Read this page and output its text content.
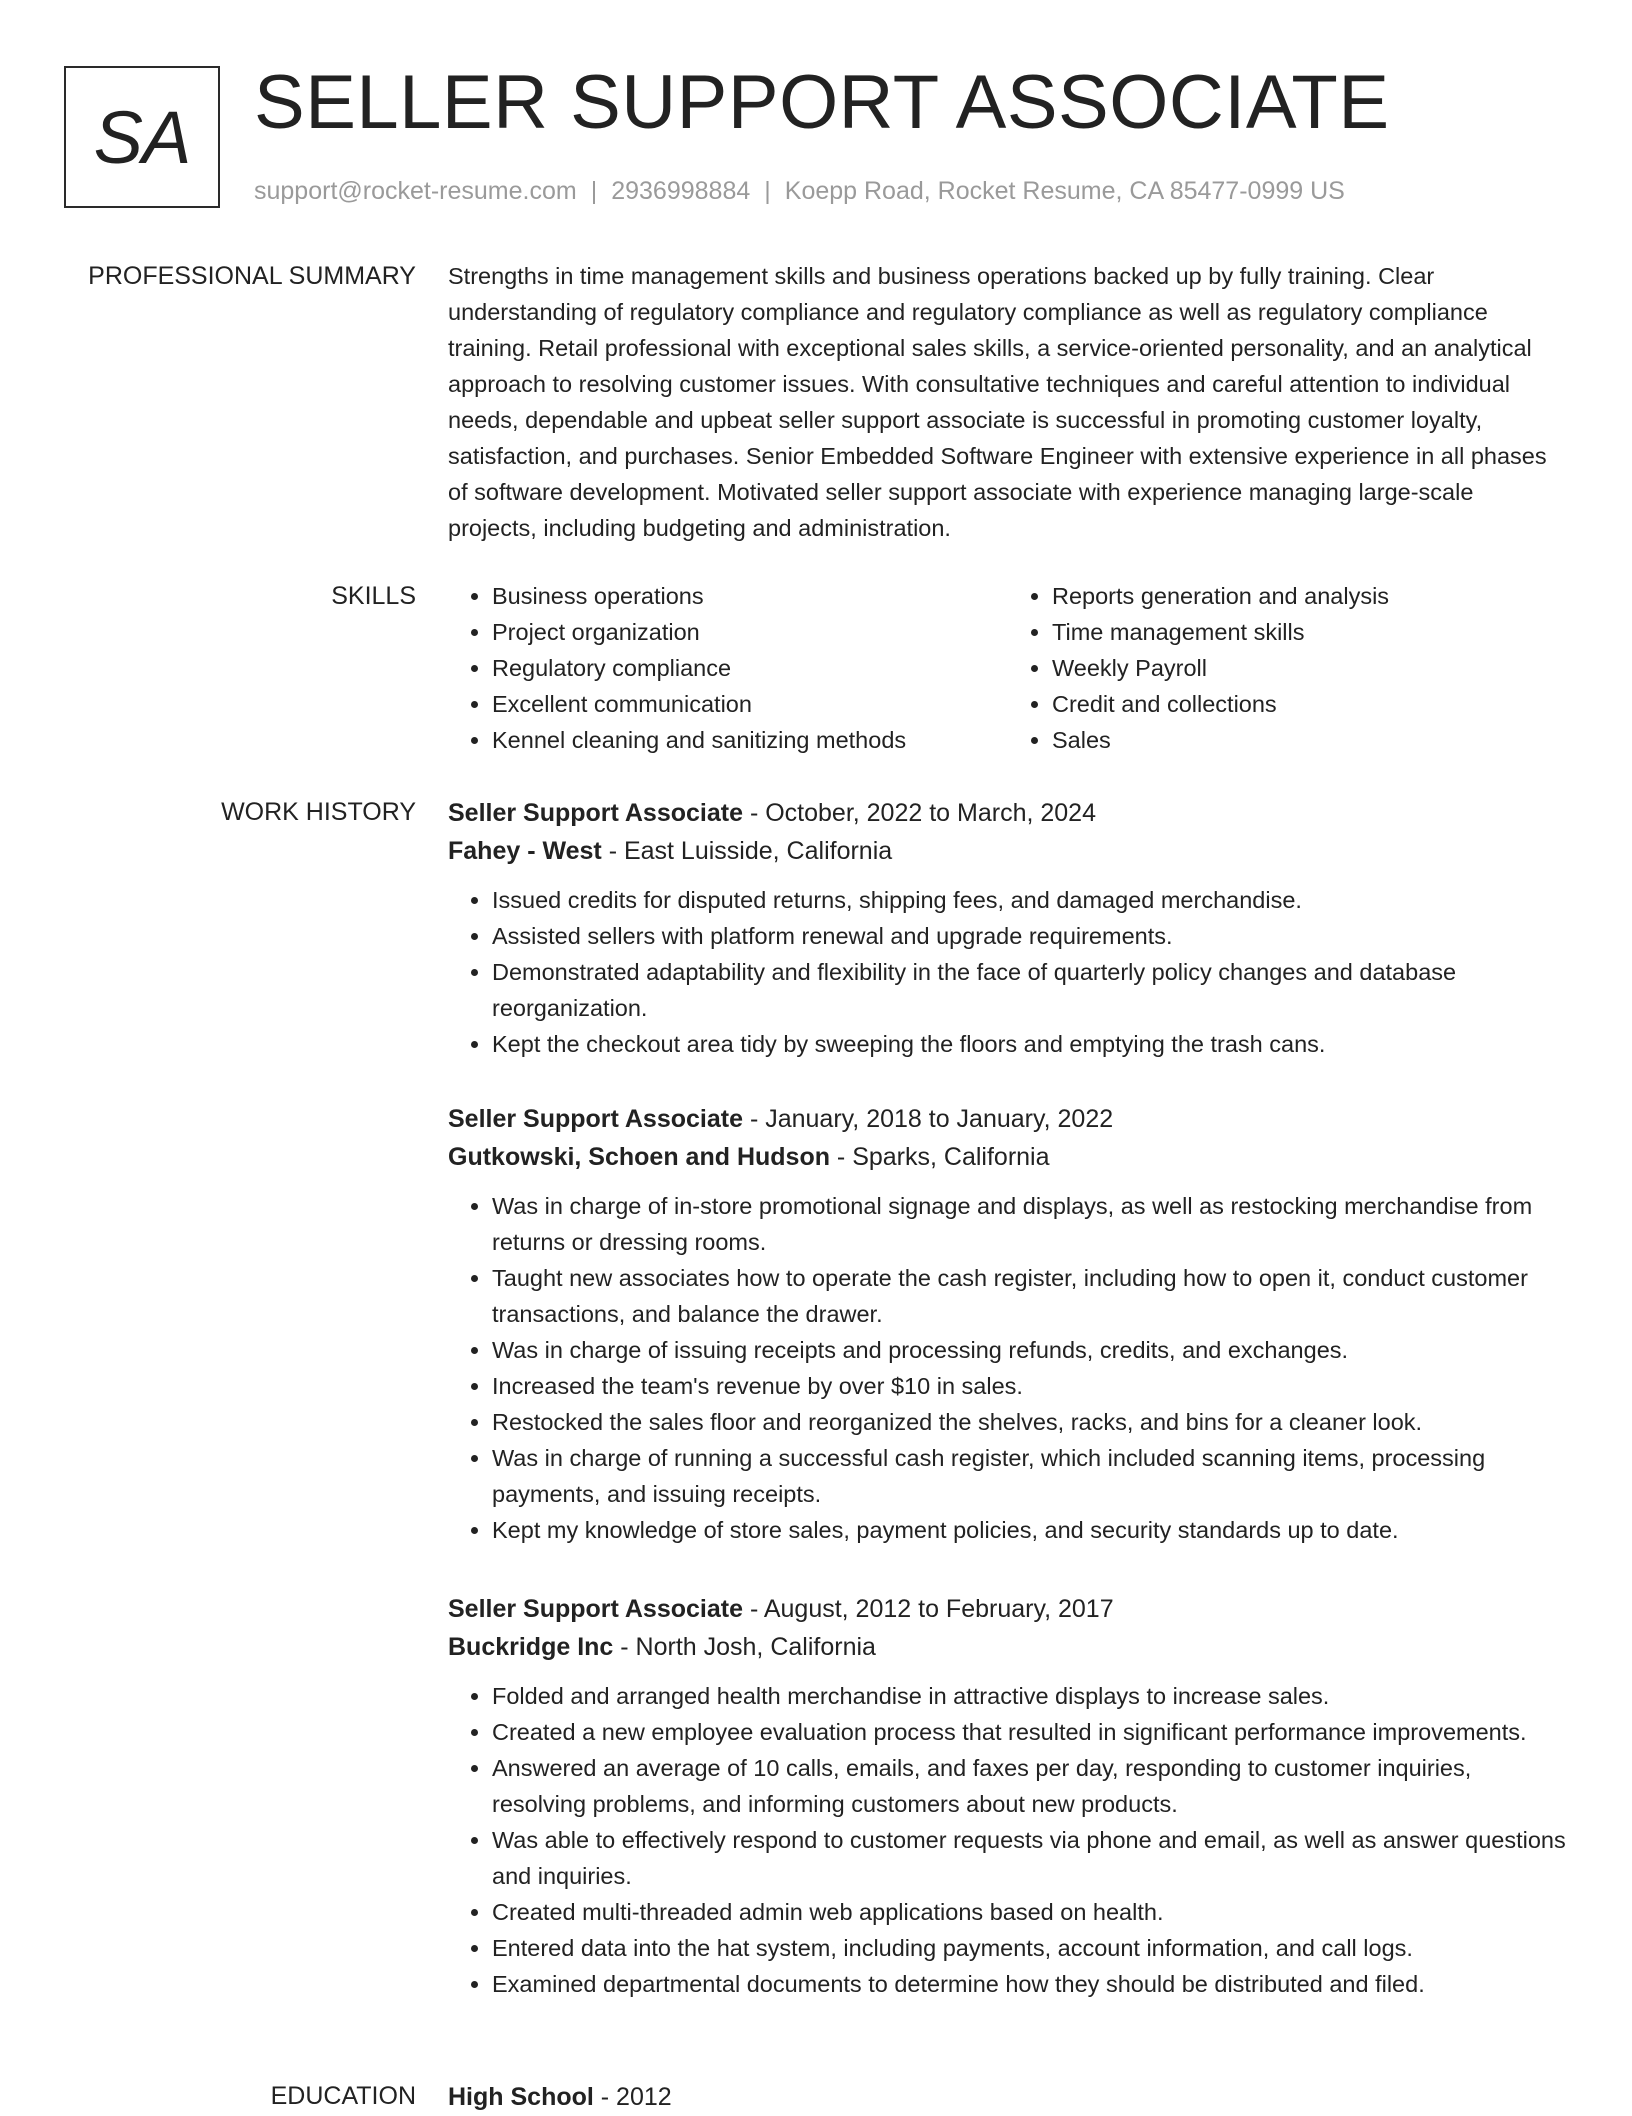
SA SELLER SUPPORT ASSOCIATE
support@rocket-resume.com | 2936998884 | Koepp Road, Rocket Resume, CA 85477-0999 US
PROFESSIONAL SUMMARY Strengths in time management skills and business operations backed up by fully training. Clear understanding of regulatory compliance and regulatory compliance as well as regulatory compliance training. Retail professional with exceptional sales skills, a service-oriented personality, and an analytical approach to resolving customer issues. With consultative techniques and careful attention to individual needs, dependable and upbeat seller support associate is successful in promoting customer loyalty, satisfaction, and purchases. Senior Embedded Software Engineer with extensive experience in all phases of software development. Motivated seller support associate with experience managing large-scale projects, including budgeting and administration.

SKILLS
•	Business operations
• Project organization
• Regulatory compliance
• Excellent communication
• Kennel cleaning and sanitizing methods
• Reports generation and analysis
• Time management skills
• Weekly Payroll
• Credit and collections
• Sales
WORK HISTORY Seller Support Associate - October, 2022 to March, 2024
Fahey - West - East Luisside, California
• Issued credits for disputed returns, shipping fees, and damaged merchandise.
• Assisted sellers with platform renewal and upgrade requirements.
• Demonstrated adaptability and flexibility in the face of quarterly policy changes and database reorganization.
• Kept the checkout area tidy by sweeping the floors and emptying the trash cans.
Seller Support Associate - January, 2018 to January, 2022
Gutkowski, Schoen and Hudson - Sparks, California
• Was in charge of in-store promotional signage and displays, as well as restocking merchandise from returns or dressing rooms.
• Taught new associates how to operate the cash register, including how to open it, conduct customer transactions, and balance the drawer.
• Was in charge of issuing receipts and processing refunds, credits, and exchanges.
• Increased the team's revenue by over $10 in sales.
• Restocked the sales floor and reorganized the shelves, racks, and bins for a cleaner look.
• Was in charge of running a successful cash register, which included scanning items, processing payments, and issuing receipts.
• Kept my knowledge of store sales, payment policies, and security standards up to date.
Seller Support Associate - August, 2012 to February, 2017
Buckridge Inc - North Josh, California
• Folded and arranged health merchandise in attractive displays to increase sales.
• Created a new employee evaluation process that resulted in significant performance improvements.
• Answered an average of 10 calls, emails, and faxes per day, responding to customer inquiries, resolving problems, and informing customers about new products.
• Was able to effectively respond to customer requests via phone and email, as well as answer questions and inquiries.
• Created multi-threaded admin web applications based on health.
• Entered data into the hat system, including payments, account information, and call logs.
• Examined departmental documents to determine how they should be distributed and filed.
EDUCATION High School - 2012
